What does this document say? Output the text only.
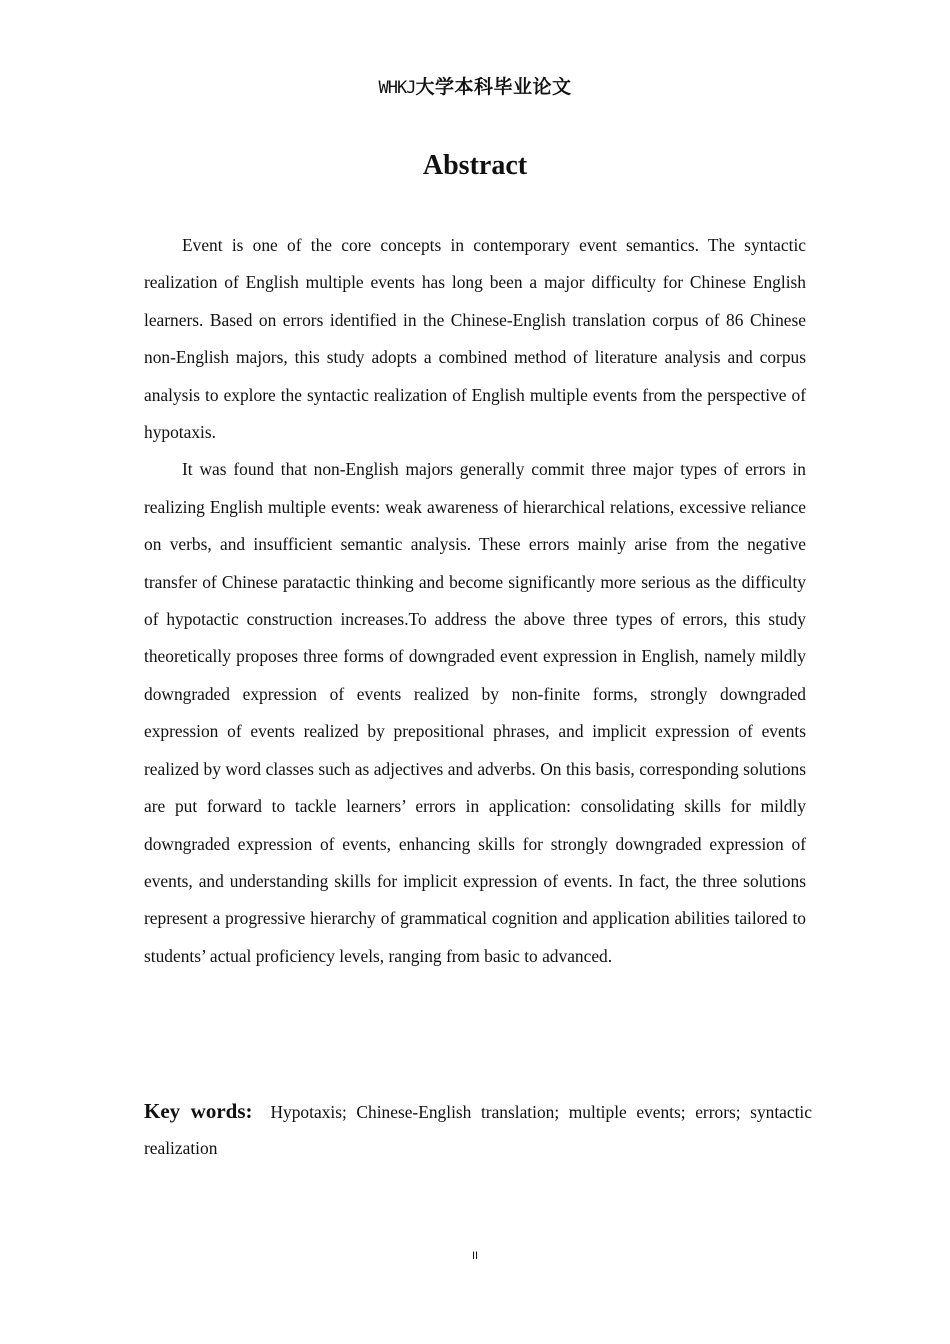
WHKJ大学本科毕业论文
Abstract

Event is one of the core concepts in contemporary event semantics. The syntactic realization of English multiple events has long been a major difficulty for Chinese English learners. Based on errors identified in the Chinese-English translation corpus of 86 Chinese non-English majors, this study adopts a combined method of literature analysis and corpus analysis to explore the syntactic realization of English multiple events from the perspective of hypotaxis.

It was found that non-English majors generally commit three major types of errors in realizing English multiple events: weak awareness of hierarchical relations, excessive reliance on verbs, and insufficient semantic analysis. These errors mainly arise from the negative transfer of Chinese paratactic thinking and become significantly more serious as the difficulty of hypotactic construction increases.To address the above three types of errors, this study theoretically proposes three forms of downgraded event expression in English, namely mildly downgraded expression of events realized by non-finite forms, strongly downgraded expression of events realized by prepositional phrases, and implicit expression of events realized by word classes such as adjectives and adverbs. On this basis, corresponding solutions are put forward to tackle learners’ errors in application: consolidating skills for mildly downgraded expression of events, enhancing skills for strongly downgraded expression of events, and understanding skills for implicit expression of events. In fact, the three solutions represent a progressive hierarchy of grammatical cognition and application abilities tailored to students’ actual proficiency levels, ranging from basic to advanced.

Key words: Hypotaxis; Chinese-English translation; multiple events; errors; syntactic realization
II
